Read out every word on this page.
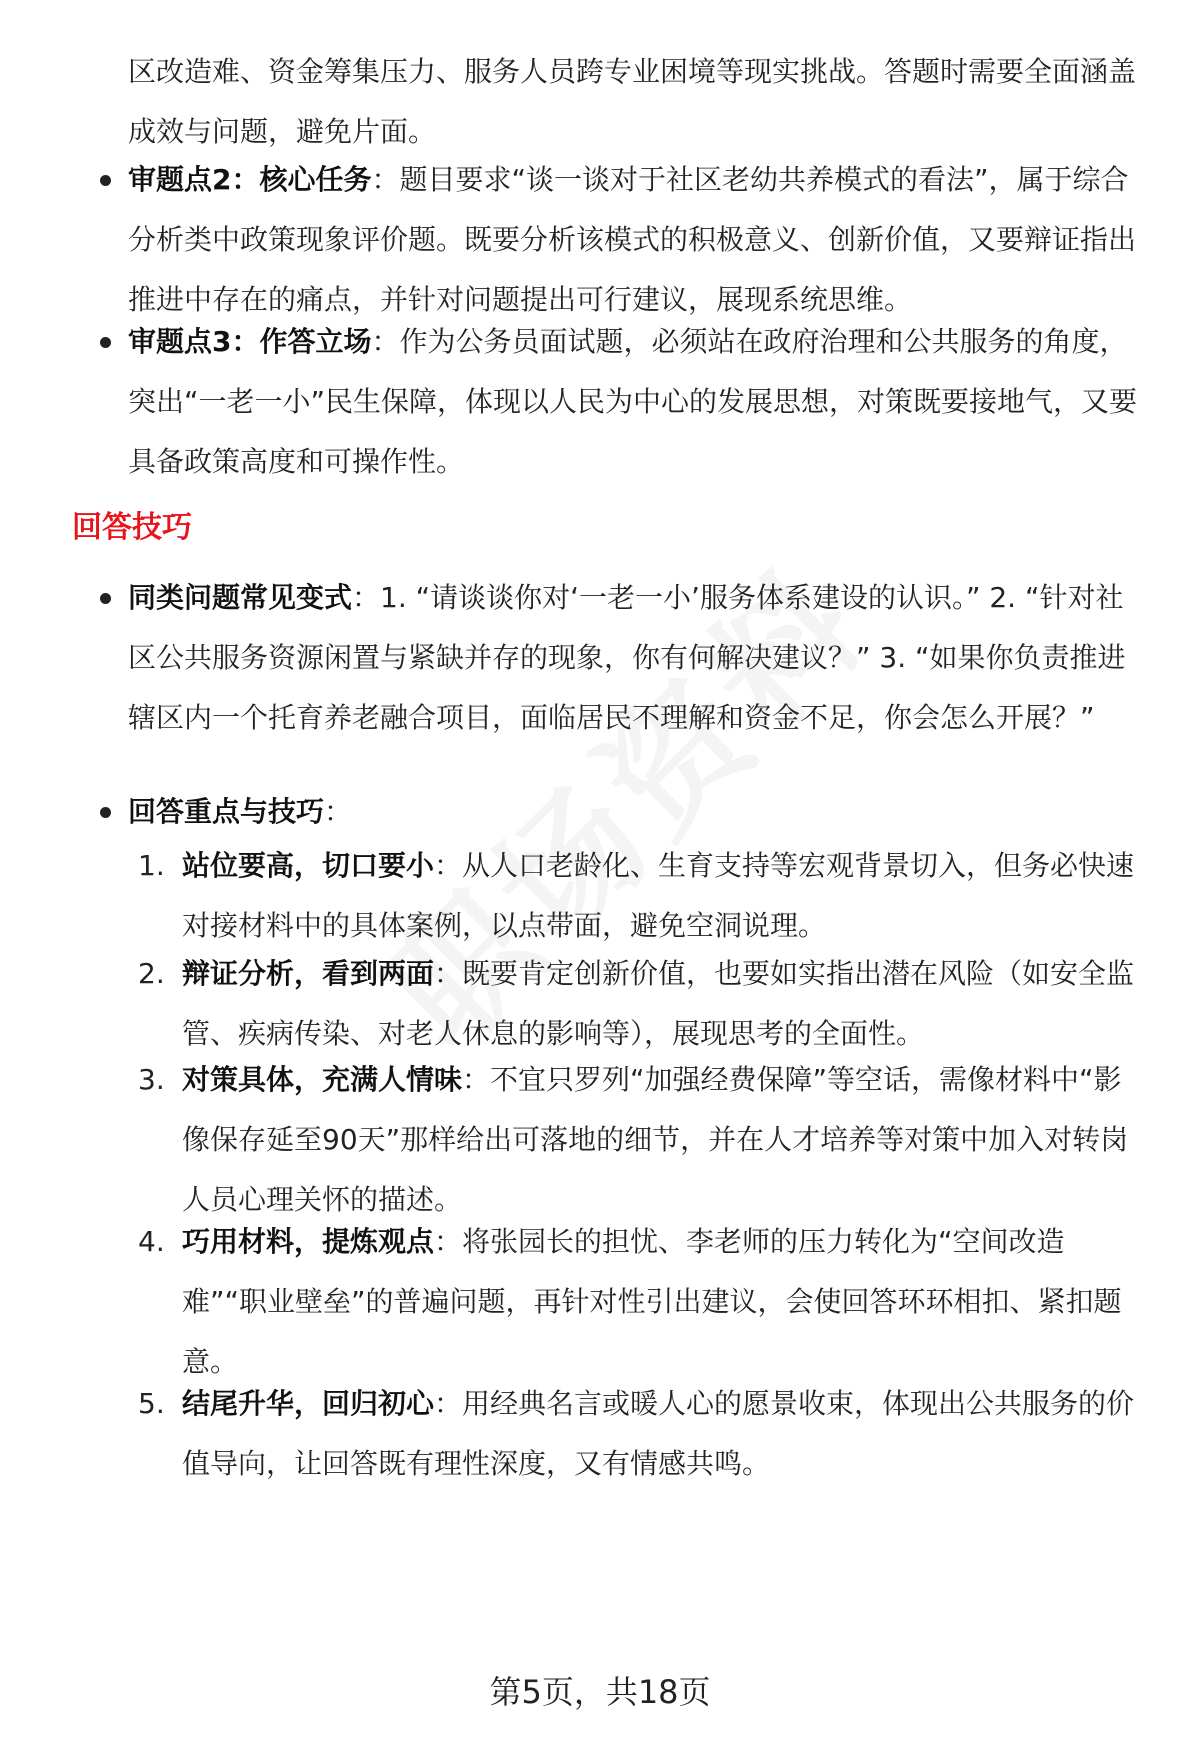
区改造难、资金筹集压力、服务人员跨专业困境等现实挑战。答题时需要全面涵盖成效与问题，避免片面。

审题点2：核心任务：题目要求“谈一谈对于社区老幼共养模式的看法”，属于综合分析类中政策现象评价题。既要分析该模式的积极意义、创新价值，又要辩证指出推进中存在的痛点，并针对问题提出可行建议，展现系统思维。

审题点3：作答立场：作为公务员面试题，必须站在政府治理和公共服务的角度，突出“一老一小”民生保障，体现以人民为中心的发展思想，对策既要接地气，又要具备政策高度和可操作性。

回答技巧

同类问题常见变式：1. “请谈谈你对‘一老一小’服务体系建设的认识。” 2. “针对社区公共服务资源闲置与紧缺并存的现象，你有何解决建议？” 3. “如果你负责推进辖区内一个托育养老融合项目，面临居民不理解和资金不足，你会怎么开展？”

回答重点与技巧：

1. 站位要高，切口要小：从人口老龄化、生育支持等宏观背景切入，但务必快速对接材料中的具体案例，以点带面，避免空洞说理。

2. 辩证分析，看到两面：既要肯定创新价值，也要如实指出潜在风险（如安全监管、疾病传染、对老人休息的影响等），展现思考的全面性。

3. 对策具体，充满人情味：不宜只罗列“加强经费保障”等空话，需像材料中“影像保存延至90天”那样给出可落地的细节，并在人才培养等对策中加入对转岗人员心理关怀的描述。

4. 巧用材料，提炼观点：将张园长的担忧、李老师的压力转化为“空间改造难”“职业壁垒”的普遍问题，再针对性引出建议，会使回答环环相扣、紧扣题意。

5. 结尾升华，回归初心：用经典名言或暖人心的愿景收束，体现出公共服务的价值导向，让回答既有理性深度，又有情感共鸣。

第5页，共18页
